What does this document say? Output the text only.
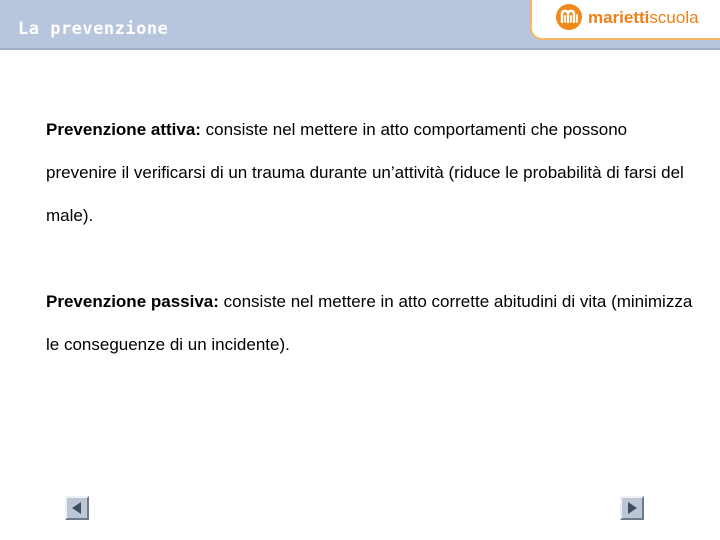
La prevenzione
mariettiscuola

Prevenzione attiva: consiste nel mettere in atto comportamenti che possono prevenire il verificarsi di un trauma durante un’attività (riduce le probabilità di farsi del male).

Prevenzione passiva: consiste nel mettere in atto corrette abitudini di vita (minimizza le conseguenze di un incidente).
